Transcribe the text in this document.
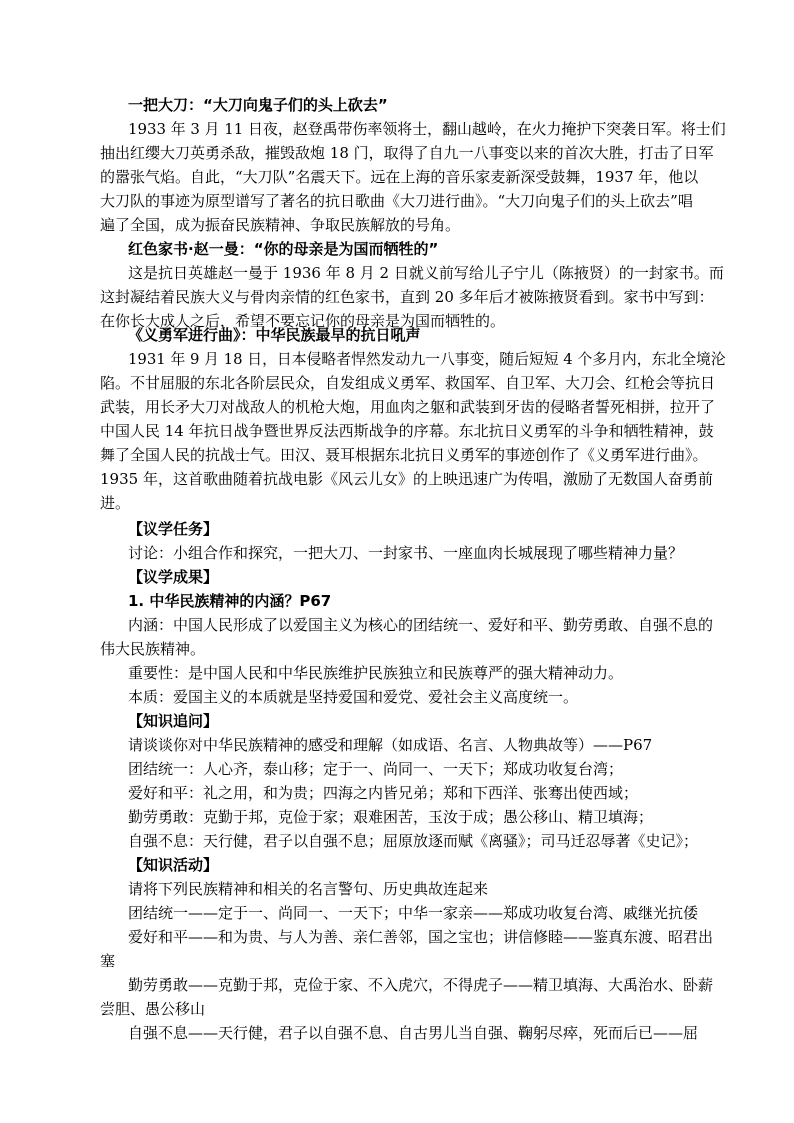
一把大刀：“大刀向鬼子们的头上砍去”
1933 年 3 月 11 日夜，赵登禹带伤率领将士，翻山越岭，在火力掩护下突袭日军。将士们
抽出红缨大刀英勇杀敌，摧毁敌炮 18 门，取得了自九一八事变以来的首次大胜，打击了日军
的嚣张气焰。自此，“大刀队”名震天下。远在上海的音乐家麦新深受鼓舞，1937 年，他以
大刀队的事迹为原型谱写了著名的抗日歌曲《大刀进行曲》。“大刀向鬼子们的头上砍去”唱
遍了全国，成为振奋民族精神、争取民族解放的号角。
红色家书·赵一曼：“你的母亲是为国而牺牲的”
这是抗日英雄赵一曼于 1936 年 8 月 2 日就义前写给儿子宁儿（陈掖贤）的一封家书。而
这封凝结着民族大义与骨肉亲情的红色家书，直到 20 多年后才被陈掖贤看到。家书中写到：
在你长大成人之后，希望不要忘记你的母亲是为国而牺牲的。
《义勇军进行曲》：中华民族最早的抗日吼声
1931 年 9 月 18 日，日本侵略者悍然发动九一八事变，随后短短 4 个多月内，东北全境沦
陷。不甘屈服的东北各阶层民众，自发组成义勇军、救国军、自卫军、大刀会、红枪会等抗日
武装，用长矛大刀对战敌人的机枪大炮，用血肉之躯和武装到牙齿的侵略者誓死相拼，拉开了
中国人民 14 年抗日战争暨世界反法西斯战争的序幕。东北抗日义勇军的斗争和牺牲精神，鼓
舞了全国人民的抗战士气。田汉、聂耳根据东北抗日义勇军的事迹创作了《义勇军进行曲》。
1935 年，这首歌曲随着抗战电影《风云儿女》的上映迅速广为传唱，激励了无数国人奋勇前
进。
【议学任务】
讨论：小组合作和探究，一把大刀、一封家书、一座血肉长城展现了哪些精神力量？
【议学成果】
1. 中华民族精神的内涵？P67
内涵：中国人民形成了以爱国主义为核心的团结统一、爱好和平、勤劳勇敢、自强不息的
伟大民族精神。
重要性：是中国人民和中华民族维护民族独立和民族尊严的强大精神动力。
本质：爱国主义的本质就是坚持爱国和爱党、爱社会主义高度统一。
【知识追问】
请谈谈你对中华民族精神的感受和理解（如成语、名言、人物典故等）——P67
团结统一：人心齐，泰山移；定于一、尚同一、一天下；郑成功收复台湾；
爱好和平：礼之用，和为贵；四海之内皆兄弟；郑和下西洋、张骞出使西域；
勤劳勇敢：克勤于邦，克俭于家；艰难困苦，玉汝于成；愚公移山、精卫填海；
自强不息：天行健，君子以自强不息；屈原放逐而赋《离骚》；司马迁忍辱著《史记》；
【知识活动】
请将下列民族精神和相关的名言警句、历史典故连起来
团结统一——定于一、尚同一、一天下；中华一家亲——郑成功收复台湾、戚继光抗倭
爱好和平——和为贵、与人为善、亲仁善邻，国之宝也；讲信修睦——鉴真东渡、昭君出
塞
勤劳勇敢——克勤于邦，克俭于家、不入虎穴，不得虎子——精卫填海、大禹治水、卧薪
尝胆、愚公移山
自强不息——天行健，君子以自强不息、自古男儿当自强、鞠躬尽瘁，死而后已——屈
